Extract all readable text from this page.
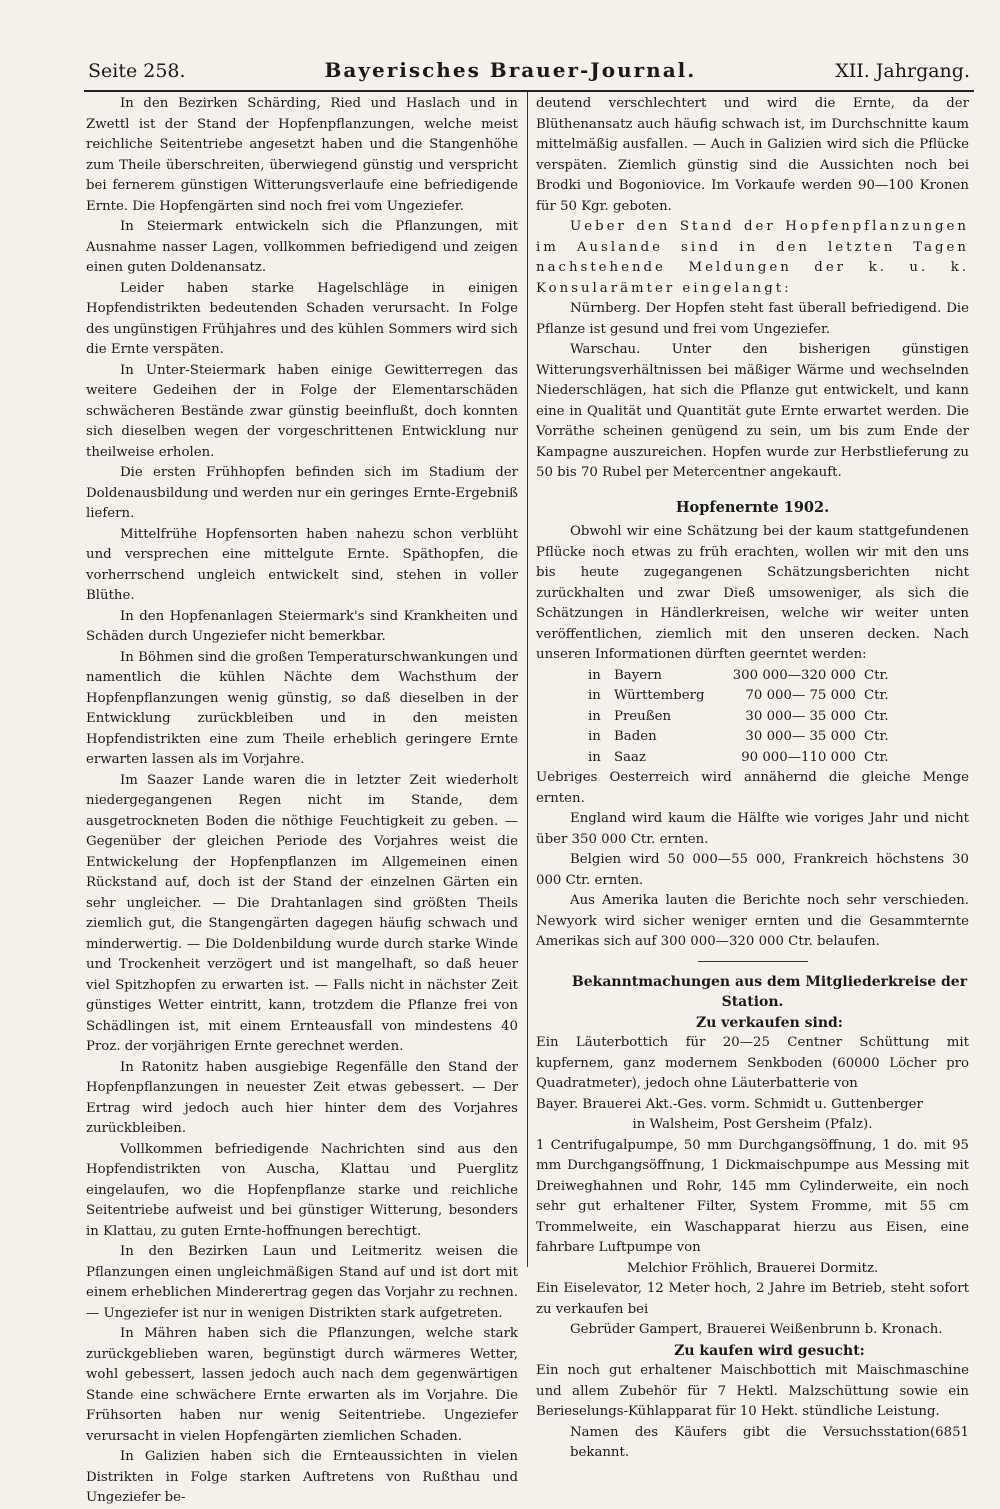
Seite 258.	Bayerisches Brauer-Journal.	XII. Jahrgang.

In den Bezirken Schärding, Ried und Haslach und in Zwettl ist der Stand der Hopfenpflanzungen, welche meist reichliche Seitentriebe angesetzt haben und die Stangenhöhe zum Theile überschreiten, überwiegend günstig und verspricht bei fernerem günstigen Witterungsverlaufe eine befriedigende Ernte. Die Hopfengärten sind noch frei vom Ungeziefer.

In Steiermark entwickeln sich die Pflanzungen, mit Ausnahme nasser Lagen, vollkommen befriedigend und zeigen einen guten Doldenansatz.

Leider haben starke Hagelschläge in einigen Hopfendistrikten bedeutenden Schaden verursacht. In Folge des ungünstigen Frühjahres und des kühlen Sommers wird sich die Ernte verspäten.

In Unter-Steiermark haben einige Gewitterregen das weitere Gedeihen der in Folge der Elementarschäden schwächeren Bestände zwar günstig beeinflußt, doch konnten sich dieselben wegen der vorgeschrittenen Entwicklung nur theilweise erholen.

Die ersten Frühhopfen befinden sich im Stadium der Doldenausbildung und werden nur ein geringes Ernte-Ergebniß liefern.

Mittelfrühe Hopfensorten haben nahezu schon verblüht und versprechen eine mittelgute Ernte. Späthopfen, die vorherrschend ungleich entwickelt sind, stehen in voller Blüthe.

In den Hopfenanlagen Steiermark's sind Krankheiten und Schäden durch Ungeziefer nicht bemerkbar.

In Böhmen sind die großen Temperaturschwankungen und namentlich die kühlen Nächte dem Wachsthum der Hopfenpflanzungen wenig günstig, so daß dieselben in der Entwicklung zurückbleiben und in den meisten Hopfendistrikten eine zum Theile erheblich geringere Ernte erwarten lassen als im Vorjahre.

Im Saazer Lande waren die in letzter Zeit wiederholt niedergegangenen Regen nicht im Stande, dem ausgetrockneten Boden die nöthige Feuchtigkeit zu geben. — Gegenüber der gleichen Periode des Vorjahres weist die Entwickelung der Hopfenpflanzen im Allgemeinen einen Rückstand auf, doch ist der Stand der einzelnen Gärten ein sehr ungleicher. — Die Drahtanlagen sind größten Theils ziemlich gut, die Stangengärten dagegen häufig schwach und minderwertig. — Die Doldenbildung wurde durch starke Winde und Trockenheit verzögert und ist mangelhaft, so daß heuer viel Spitzhopfen zu erwarten ist. — Falls nicht in nächster Zeit günstiges Wetter eintritt, kann, trotzdem die Pflanze frei von Schädlingen ist, mit einem Ernteausfall von mindestens 40 Proz. der vorjährigen Ernte gerechnet werden.

In Ratonitz haben ausgiebige Regenfälle den Stand der Hopfenpflanzungen in neuester Zeit etwas gebessert. — Der Ertrag wird jedoch auch hier hinter dem des Vorjahres zurückbleiben.

Vollkommen befriedigende Nachrichten sind aus den Hopfendistrikten von Auscha, Klattau und Puerglitz eingelaufen, wo die Hopfenpflanze starke und reichliche Seitentriebe aufweist und bei günstiger Witterung, besonders in Klattau, zu guten Ernte-hoffnungen berechtigt.

In den Bezirken Laun und Leitmeritz weisen die Pflanzungen einen ungleichmäßigen Stand auf und ist dort mit einem erheblichen Minderertrag gegen das Vorjahr zu rechnen. — Ungeziefer ist nur in wenigen Distrikten stark aufgetreten.

In Mähren haben sich die Pflanzungen, welche stark zurückgeblieben waren, begünstigt durch wärmeres Wetter, wohl gebessert, lassen jedoch auch nach dem gegenwärtigen Stande eine schwächere Ernte erwarten als im Vorjahre. Die Frühsorten haben nur wenig Seitentriebe. Ungeziefer verursacht in vielen Hopfengärten ziemlichen Schaden.

In Galizien haben sich die Ernteaussichten in vielen Distrikten in Folge starken Auftretens von Rußthau und Ungeziefer be-

deutend verschlechtert und wird die Ernte, da der Blüthenansatz auch häufig schwach ist, im Durchschnitte kaum mittelmäßig ausfallen. — Auch in Galizien wird sich die Pflücke verspäten. Ziemlich günstig sind die Aussichten noch bei Brodki und Bogoniovice. Im Vorkaufe werden 90—100 Kronen für 50 Kgr. geboten.

Ueber den Stand der Hopfenpflanzungen im Auslande sind in den letzten Tagen nachstehende Meldungen der k. u. k. Konsularämter eingelangt:

Nürnberg. Der Hopfen steht fast überall befriedigend. Die Pflanze ist gesund und frei vom Ungeziefer.

Warschau. Unter den bisherigen günstigen Witterungsverhältnissen bei mäßiger Wärme und wechselnden Niederschlägen, hat sich die Pflanze gut entwickelt, und kann eine in Qualität und Quantität gute Ernte erwartet werden. Die Vorräthe scheinen genügend zu sein, um bis zum Ende der Kampagne auszureichen. Hopfen wurde zur Herbstlieferung zu 50 bis 70 Rubel per Metercentner angekauft.

Hopfenernte 1902.

Obwohl wir eine Schätzung bei der kaum stattgefundenen Pflücke noch etwas zu früh erachten, wollen wir mit den uns bis heute zugegangenen Schätzungsberichten nicht zurückhalten und zwar Dieß umsoweniger, als sich die Schätzungen in Händlerkreisen, welche wir weiter unten veröffentlichen, ziemlich mit den unseren decken. Nach unseren Informationen dürften geerntet werden:

in	Bayern	300 000—320 000	Ctr.
in	Württemberg	70 000— 75 000	Ctr.
in	Preußen	30 000— 35 000	Ctr.
in	Baden	30 000— 35 000	Ctr.
in	Saaz	90 000—110 000	Ctr.

Uebriges Oesterreich wird annähernd die gleiche Menge ernten.

England wird kaum die Hälfte wie voriges Jahr und nicht über 350 000 Ctr. ernten.

Belgien wird 50 000—55 000, Frankreich höchstens 30 000 Ctr. ernten.

Aus Amerika lauten die Berichte noch sehr verschieden. Newyork wird sicher weniger ernten und die Gesammternte Amerikas sich auf 300 000—320 000 Ctr. belaufen.

Bekanntmachungen aus dem Mitgliederkreise der Station.

Zu verkaufen sind:

Ein Läuterbottich für 20—25 Centner Schüttung mit kupfernem, ganz modernem Senkboden (60000 Löcher pro Quadratmeter), jedoch ohne Läuterbatterie von

Bayer. Brauerei Akt.-Ges. vorm. Schmidt u. Guttenberger

in Walsheim, Post Gersheim (Pfalz).

1 Centrifugalpumpe, 50 mm Durchgangsöffnung, 1 do. mit 95 mm Durchgangsöffnung, 1 Dickmaischpumpe aus Messing mit Dreiweghahnen und Rohr, 145 mm Cylinderweite, ein noch sehr gut erhaltener Filter, System Fromme, mit 55 cm Trommelweite, ein Waschapparat hierzu aus Eisen, eine fahrbare Luftpumpe von

Melchior Fröhlich, Brauerei Dormitz.

Ein Eiselevator, 12 Meter hoch, 2 Jahre im Betrieb, steht sofort zu verkaufen bei

Gebrüder Gampert, Brauerei Weißenbrunn b. Kronach.

Zu kaufen wird gesucht:

Ein noch gut erhaltener Maischbottich mit Maischmaschine und allem Zubehör für 7 Hektl. Malzschüttung sowie ein Berieselungs-Kühlapparat für 10 Hekt. stündliche Leistung.

Namen des Käufers gibt die Versuchsstation bekannt.
(6851
